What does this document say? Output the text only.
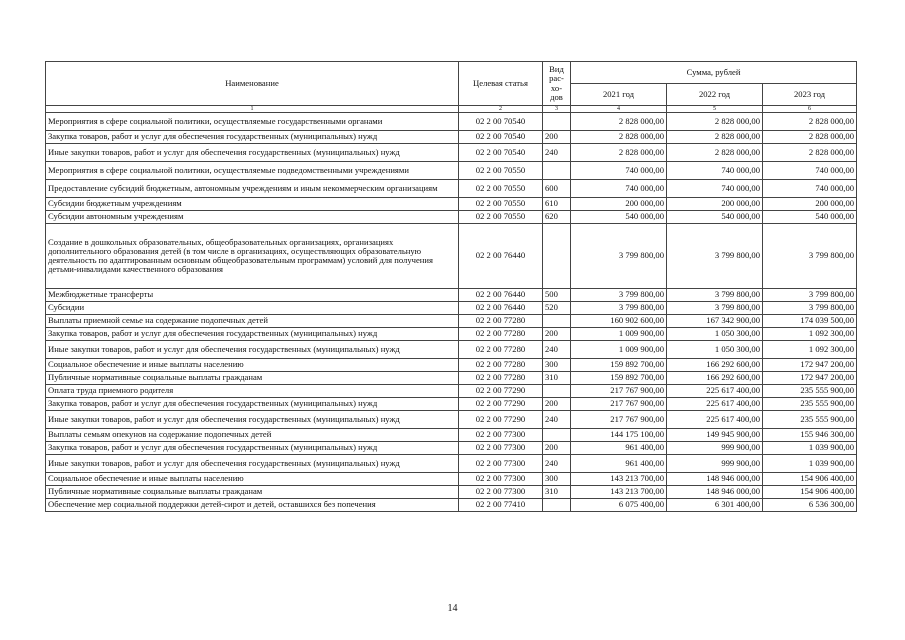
Наименование	Целевая статья	Вид рас-хо-дов	Сумма, рублей		
			2021 год	2022 год	2023 год
1	2	3	4	5	6
Мероприятия в сфере социальной политики, осуществляемые государственными органами	02 2 00 70540		2 828 000,00	2 828 000,00	2 828 000,00
Закупка товаров, работ и услуг для обеспечения государственных (муниципальных) нужд	02 2 00 70540	200	2 828 000,00	2 828 000,00	2 828 000,00
Иные закупки товаров, работ и услуг для обеспечения государственных (муниципальных) нужд	02 2 00 70540	240	2 828 000,00	2 828 000,00	2 828 000,00
Мероприятия в сфере социальной политики, осуществляемые подведомственными учреждениями	02 2 00 70550		740 000,00	740 000,00	740 000,00
Предоставление субсидий бюджетным, автономным учреждениям и иным некоммерческим организациям	02 2 00 70550	600	740 000,00	740 000,00	740 000,00
Субсидии бюджетным учреждениям	02 2 00 70550	610	200 000,00	200 000,00	200 000,00
Субсидии автономным учреждениям	02 2 00 70550	620	540 000,00	540 000,00	540 000,00
Создание в дошкольных образовательных, общеобразовательных организациях, организациях дополнительного образования детей (в том числе в организациях, осуществляющих образовательную деятельность по адаптированным основным общеобразовательным программам) условий для получения детьми-инвалидами качественного образования	02 2 00 76440		3 799 800,00	3 799 800,00	3 799 800,00
Межбюджетные трансферты	02 2 00 76440	500	3 799 800,00	3 799 800,00	3 799 800,00
Субсидии	02 2 00 76440	520	3 799 800,00	3 799 800,00	3 799 800,00
Выплаты приемной семье на содержание подопечных детей	02 2 00 77280		160 902 600,00	167 342 900,00	174 039 500,00
Закупка товаров, работ и услуг для обеспечения государственных (муниципальных) нужд	02 2 00 77280	200	1 009 900,00	1 050 300,00	1 092 300,00
Иные закупки товаров, работ и услуг для обеспечения государственных (муниципальных) нужд	02 2 00 77280	240	1 009 900,00	1 050 300,00	1 092 300,00
Социальное обеспечение и иные выплаты населению	02 2 00 77280	300	159 892 700,00	166 292 600,00	172 947 200,00
Публичные нормативные социальные выплаты гражданам	02 2 00 77280	310	159 892 700,00	166 292 600,00	172 947 200,00
Оплата труда приемного родителя	02 2 00 77290		217 767 900,00	225 617 400,00	235 555 900,00
Закупка товаров, работ и услуг для обеспечения государственных (муниципальных) нужд	02 2 00 77290	200	217 767 900,00	225 617 400,00	235 555 900,00
Иные закупки товаров, работ и услуг для обеспечения государственных (муниципальных) нужд	02 2 00 77290	240	217 767 900,00	225 617 400,00	235 555 900,00
Выплаты семьям опекунов на содержание подопечных детей	02 2 00 77300		144 175 100,00	149 945 900,00	155 946 300,00
Закупка товаров, работ и услуг для обеспечения государственных (муниципальных) нужд	02 2 00 77300	200	961 400,00	999 900,00	1 039 900,00
Иные закупки товаров, работ и услуг для обеспечения государственных (муниципальных) нужд	02 2 00 77300	240	961 400,00	999 900,00	1 039 900,00
Социальное обеспечение и иные выплаты населению	02 2 00 77300	300	143 213 700,00	148 946 000,00	154 906 400,00
Публичные нормативные социальные выплаты гражданам	02 2 00 77300	310	143 213 700,00	148 946 000,00	154 906 400,00
Обеспечение мер социальной поддержки детей-сирот и детей, оставшихся без попечения	02 2 00 77410		6 075 400,00	6 301 400,00	6 536 300,00
14
